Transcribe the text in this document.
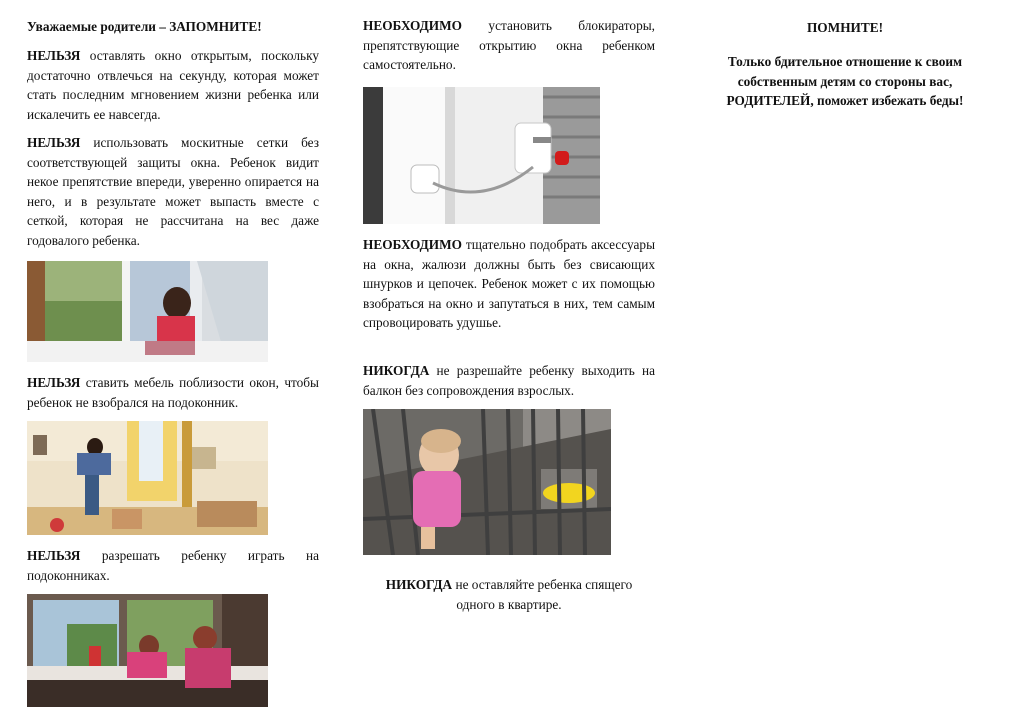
Уважаемые родители – ЗАПОМНИТЕ!

НЕЛЬЗЯ оставлять окно открытым, поскольку достаточно отвлечься на секунду, которая может стать последним мгновением жизни ребенка или искалечить ее навсегда.

НЕЛЬЗЯ использовать москитные сетки без соответствующей защиты окна. Ребенок видит некое препятствие впереди, уверенно опирается на него, и в результате может выпасть вместе с сеткой, которая не рассчитана на вес даже годовалого ребенка.

НЕЛЬЗЯ ставить мебель поблизости окон, чтобы ребенок не взобрался на подоконник.

НЕЛЬЗЯ разрешать ребенку играть на подоконниках.

НЕОБХОДИМО установить блокираторы, препятствующие открытию окна ребенком самостоятельно.

НЕОБХОДИМО тщательно подобрать аксессуары на окна, жалюзи должны быть без свисающих шнурков и цепочек. Ребенок может с их помощью взобраться на окно и запутаться в них, тем самым спровоцировать удушье.

НИКОГДА не разрешайте ребенку выходить на балкон без сопровождения взрослых.

НИКОГДА не оставляйте ребенка спящего одного в квартире.

ПОМНИТЕ!

Только бдительное отношение к своим собственным детям со стороны вас, РОДИТЕЛЕЙ, поможет избежать беды!
